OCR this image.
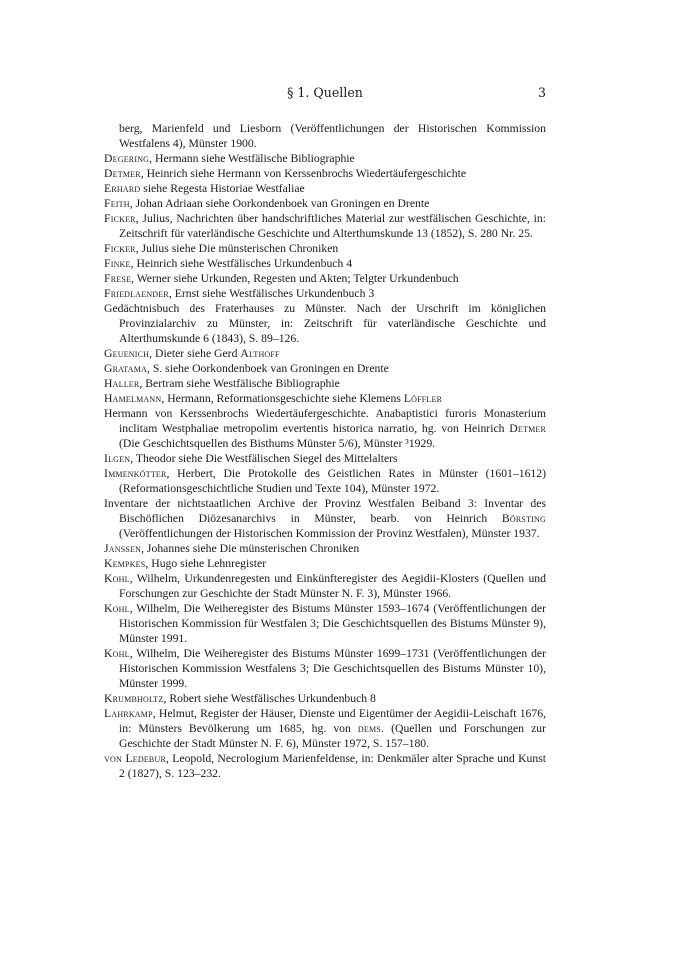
§ 1. Quellen	3

berg, Marienfeld und Liesborn (Veröffentlichungen der Historischen Kommission Westfalens 4), Münster 1900.

Degering, Hermann siehe Westfälische Bibliographie

Detmer, Heinrich siehe Hermann von Kerssenbrochs Wiedertäufergeschichte

Erhard siehe Regesta Historiae Westfaliae

Feith, Johan Adriaan siehe Oorkondenboek van Groningen en Drente

Ficker, Julius, Nachrichten über handschriftliches Material zur westfälischen Geschichte, in: Zeitschrift für vaterländische Geschichte und Alterthumskunde 13 (1852), S. 280 Nr. 25.

Ficker, Julius siehe Die münsterischen Chroniken

Finke, Heinrich siehe Westfälisches Urkundenbuch 4

Frese, Werner siehe Urkunden, Regesten und Akten; Telgter Urkundenbuch

Friedlaender, Ernst siehe Westfälisches Urkundenbuch 3

Gedächtnisbuch des Fraterhauses zu Münster. Nach der Urschrift im königlichen Provinzialarchiv zu Münster, in: Zeitschrift für vaterländische Geschichte und Alterthumskunde 6 (1843), S. 89–126.

Geuenich, Dieter siehe Gerd Althoff

Gratama, S. siehe Oorkondenboek van Groningen en Drente

Haller, Bertram siehe Westfälische Bibliographie

Hamelmann, Hermann, Reformationsgeschichte siehe Klemens Löffler

Hermann von Kerssenbrochs Wiedertäufergeschichte. Anabaptistici furoris Monasterium inclitam Westphaliae metropolim evertentis historica narratio, hg. von Heinrich Detmer (Die Geschichtsquellen des Bisthums Münster 5/6), Münster ³1929.

Ilgen, Theodor siehe Die Westfälischen Siegel des Mittelalters

Immenkötter, Herbert, Die Protokolle des Geistlichen Rates in Münster (1601–1612) (Reformationsgeschichtliche Studien und Texte 104), Münster 1972.

Inventare der nichtstaatlichen Archive der Provinz Westfalen Beiband 3: Inventar des Bischöflichen Diözesanarchivs in Münster, bearb. von Heinrich Börsting (Veröffentlichungen der Historischen Kommission der Provinz Westfalen), Münster 1937.

Janssen, Johannes siehe Die münsterischen Chroniken

Kempkes, Hugo siehe Lehnregister

Kohl, Wilhelm, Urkundenregesten und Einkünfteregister des Aegidii-Klosters (Quellen und Forschungen zur Geschichte der Stadt Münster N. F. 3), Münster 1966.

Kohl, Wilhelm, Die Weiheregister des Bistums Münster 1593–1674 (Veröffentlichungen der Historischen Kommission für Westfalen 3; Die Geschichtsquellen des Bistums Münster 9), Münster 1991.

Kohl, Wilhelm, Die Weiheregister des Bistums Münster 1699–1731 (Veröffentlichungen der Historischen Kommission Westfalens 3; Die Geschichtsquellen des Bistums Münster 10), Münster 1999.

Krumbholtz, Robert siehe Westfälisches Urkundenbuch 8

Lahrkamp, Helmut, Register der Häuser, Dienste und Eigentümer der Aegidii-Leischaft 1676, in: Münsters Bevölkerung um 1685, hg. von dems. (Quellen und Forschungen zur Geschichte der Stadt Münster N. F. 6), Münster 1972, S. 157–180.

von Ledebur, Leopold, Necrologium Marienfeldense, in: Denkmäler alter Sprache und Kunst 2 (1827), S. 123–232.
